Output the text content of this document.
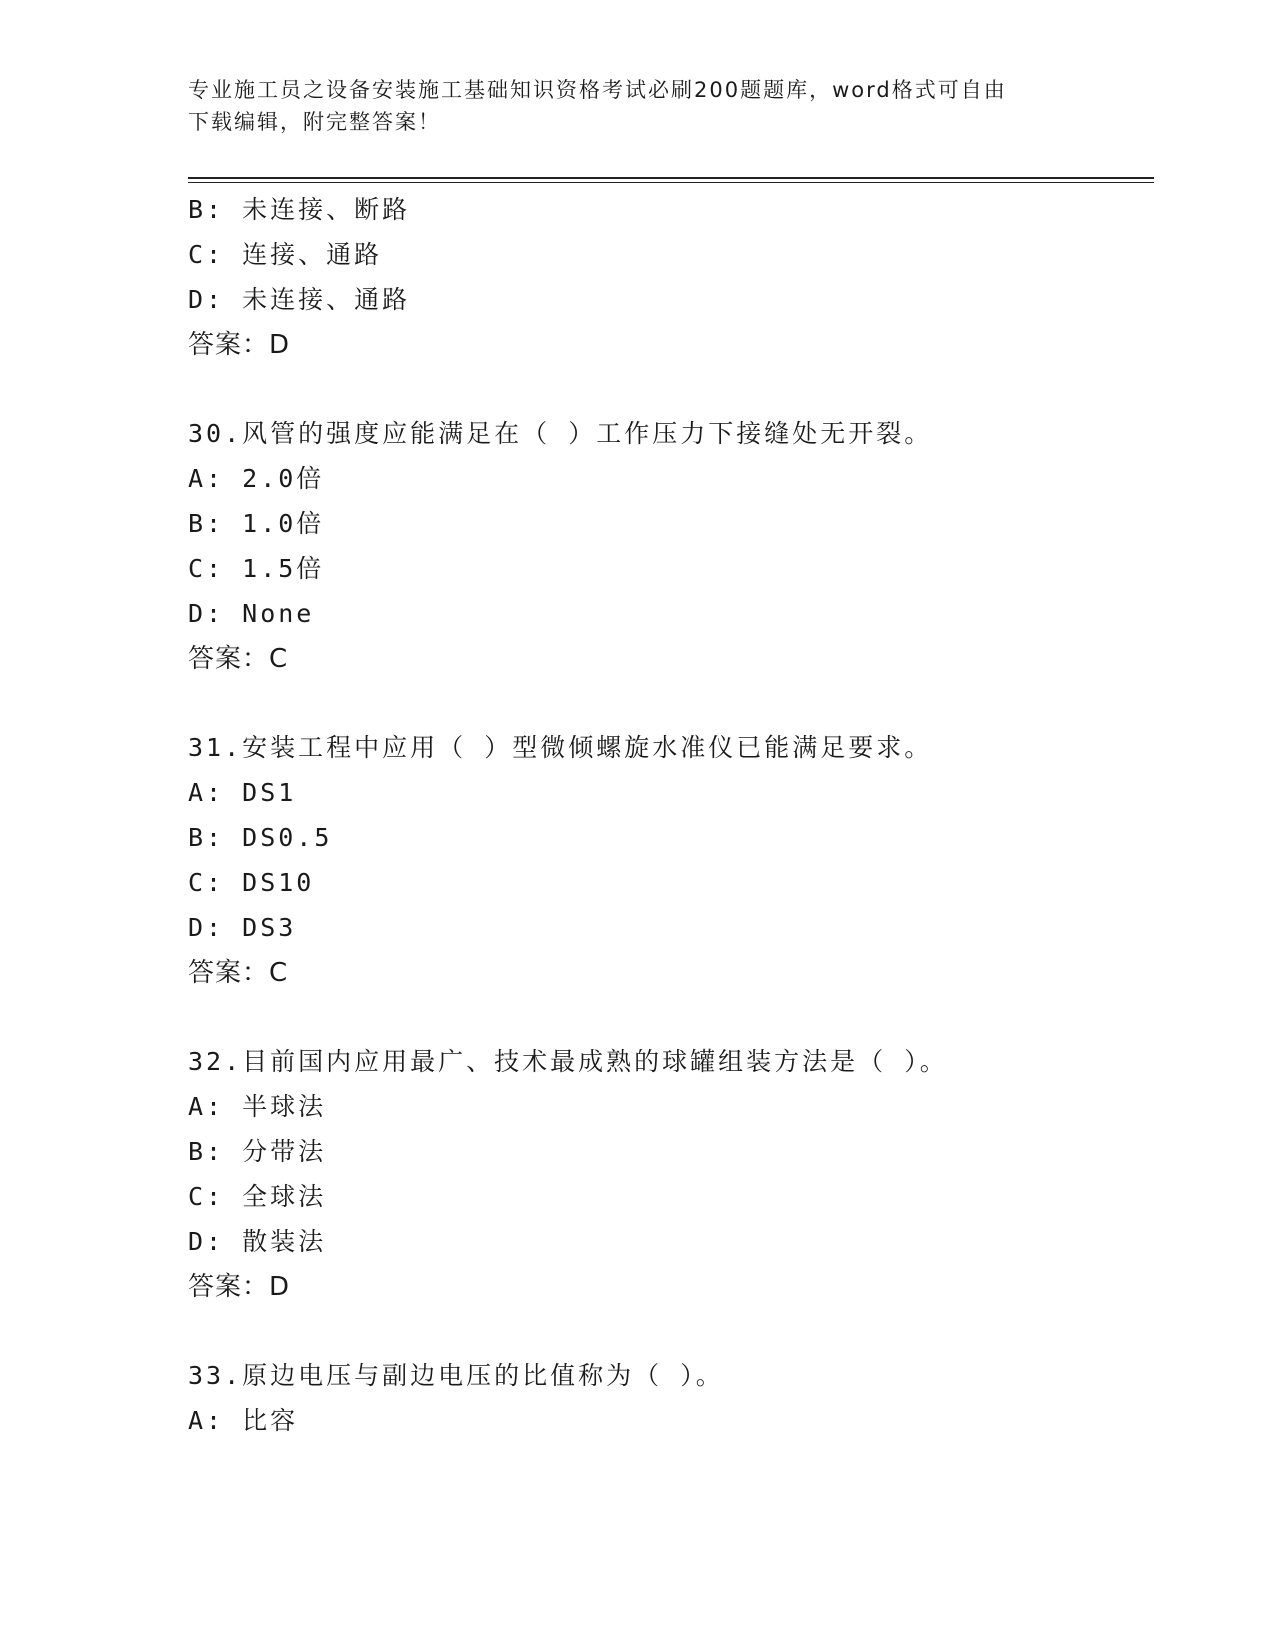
专业施工员之设备安装施工基础知识资格考试必刷200题题库，word格式可自由
下载编辑，附完整答案！
B: 未连接、断路
C: 连接、通路
D: 未连接、通路
答案：D
30.风管的强度应能满足在（ ）工作压力下接缝处无开裂。
A: 2.0倍
B: 1.0倍
C: 1.5倍
D: None
答案：C
31.安装工程中应用（ ）型微倾螺旋水准仪已能满足要求。
A: DS1
B: DS0.5
C: DS10
D: DS3
答案：C
32.目前国内应用最广、技术最成熟的球罐组装方法是（ ）。
A: 半球法
B: 分带法
C: 全球法
D: 散装法
答案：D
33.原边电压与副边电压的比值称为（ ）。
A: 比容
